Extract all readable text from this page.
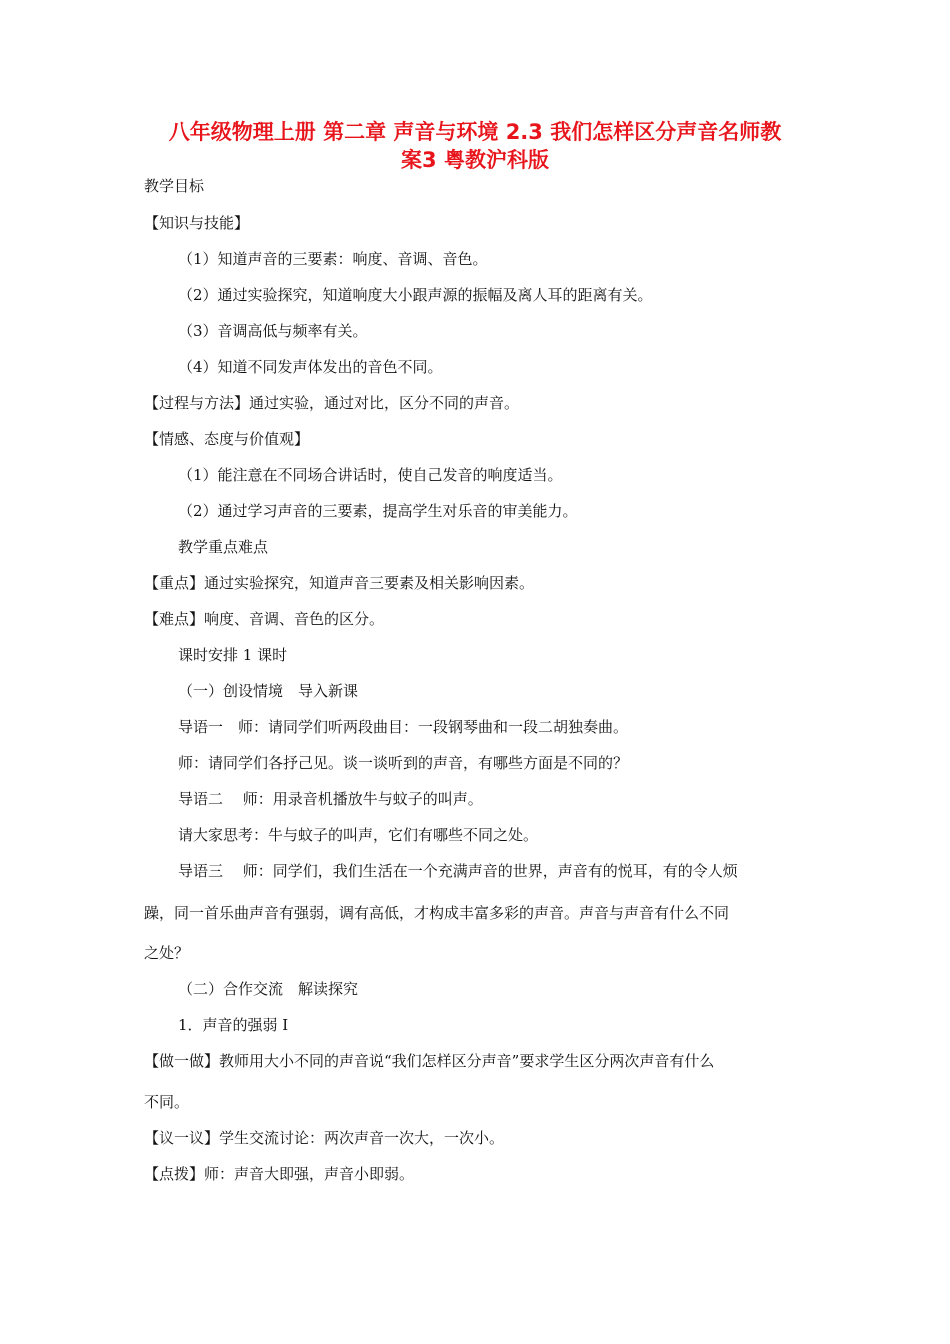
八年级物理上册 第二章 声音与环境 2.3 我们怎样区分声音名师教
案3 粤教沪科版

教学目标

【知识与技能】

（1）知道声音的三要素：响度、音调、音色。

（2）通过实验探究，知道响度大小跟声源的振幅及离人耳的距离有关。

（3）音调高低与频率有关。

（4）知道不同发声体发出的音色不同。

【过程与方法】通过实验，通过对比，区分不同的声音。

【情感、态度与价值观】

（1）能注意在不同场合讲话时，使自己发音的响度适当。

（2）通过学习声音的三要素，提高学生对乐音的审美能力。

教学重点难点

【重点】通过实验探究，知道声音三要素及相关影响因素。

【难点】响度、音调、音色的区分。

课时安排 1 课时

（一）创设情境　导入新课

导语一　师：请同学们听两段曲目：一段钢琴曲和一段二胡独奏曲。

师：请同学们各抒己见。谈一谈听到的声音，有哪些方面是不同的？

导语二　 师：用录音机播放牛与蚊子的叫声。

请大家思考：牛与蚊子的叫声，它们有哪些不同之处。

导语三　 师：同学们，我们生活在一个充满声音的世界，声音有的悦耳，有的令人烦

躁，同一首乐曲声音有强弱，调有高低，才构成丰富多彩的声音。声音与声音有什么不同

之处？

（二）合作交流　解读探究

1．声音的强弱 I

【做一做】教师用大小不同的声音说“我们怎样区分声音”要求学生区分两次声音有什么

不同。

【议一议】学生交流讨论：两次声音一次大，一次小。

【点拨】师：声音大即强，声音小即弱。
